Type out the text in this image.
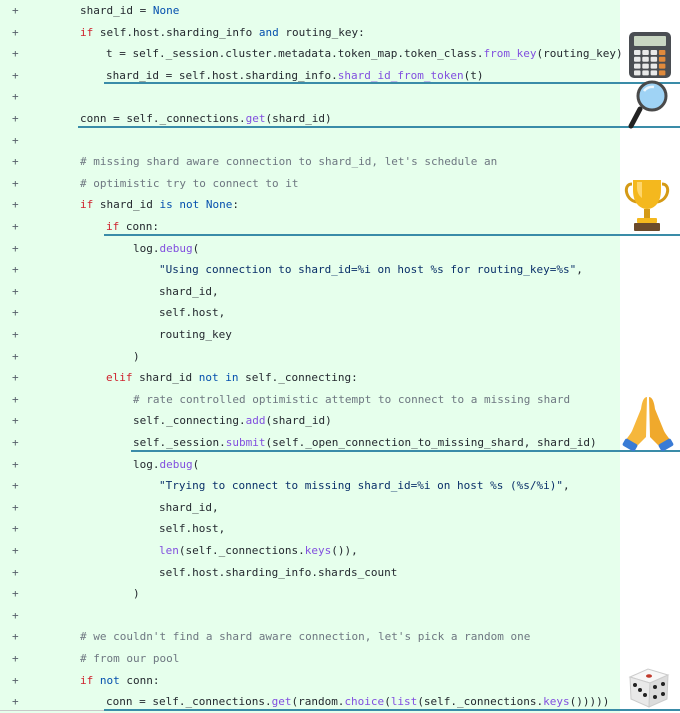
+	shard_id = None
+	if self.host.sharding_info and routing_key:
+	t = self._session.cluster.metadata.token_map.token_class.from_key(routing_key)
+	shard_id = self.host.sharding_info.shard_id_from_token(t)
+
+	conn = self._connections.get(shard_id)
+
+	# missing shard aware connection to shard_id, let's schedule an
+	# optimistic try to connect to it
+	if shard_id is not None:
+	if conn:
+	log.debug(
+	"Using connection to shard_id=%i on host %s for routing_key=%s",
+	shard_id,
+	self.host,
+	routing_key
+	)
+	elif shard_id not in self._connecting:
+	# rate controlled optimistic attempt to connect to a missing shard
+	self._connecting.add(shard_id)
+	self._session.submit(self._open_connection_to_missing_shard, shard_id)
+	log.debug(
+	"Trying to connect to missing shard_id=%i on host %s (%s/%i)",
+	shard_id,
+	self.host,
+	len(self._connections.keys()),
+	self.host.sharding_info.shards_count
+	)
+
+	# we couldn't find a shard aware connection, let's pick a random one
+	# from our pool
+	if not conn:
+	conn = self._connections.get(random.choice(list(self._connections.keys()))))
